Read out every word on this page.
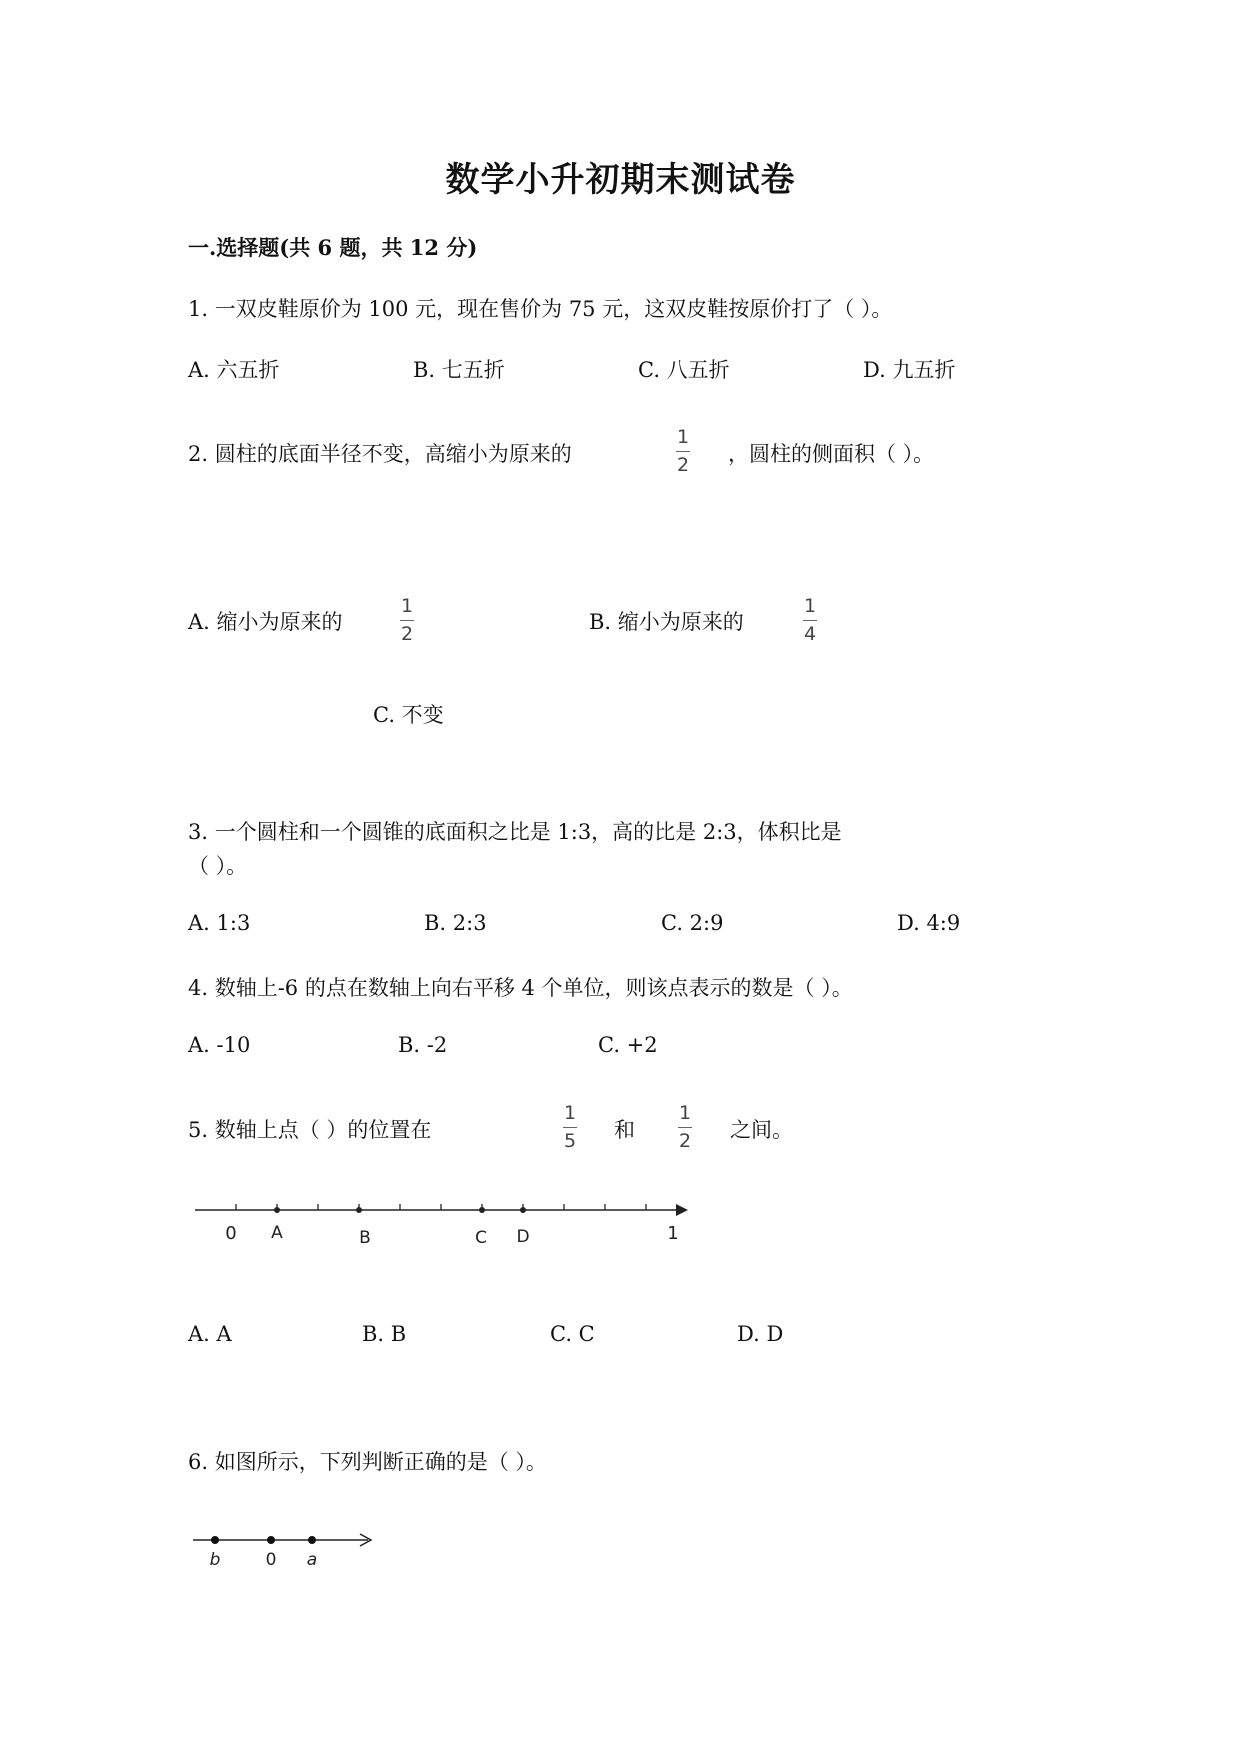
数学小升初期末测试卷
一.选择题(共 6 题，共 12 分)
1. 一双皮鞋原价为 100 元，现在售价为 75 元，这双皮鞋按原价打了（ ）。
A. 六五折	B. 七五折	C. 八五折	D. 九五折
2. 圆柱的底面半径不变，高缩小为原来的
1
2 ，圆柱的侧面积（ ）。
A. 缩小为原来的
1
2	B. 缩小为原来的
1
4
C. 不变
3. 一个圆柱和一个圆锥的底面积之比是 1:3，高的比是 2:3，体积比是
（ ）。
A. 1:3	B. 2:3	C. 2:9	D. 4:9
4. 数轴上-6 的点在数轴上向右平移 4 个单位，则该点表示的数是（ ）。
A. -10	B. -2	C. +2
5. 数轴上点（ ）的位置在
1
5 和
1
2 之间。
0 A	B	C D	1
A. A	B. B	C. C	D. D
6. 如图所示，下列判断正确的是（ ）。
b	0 a
